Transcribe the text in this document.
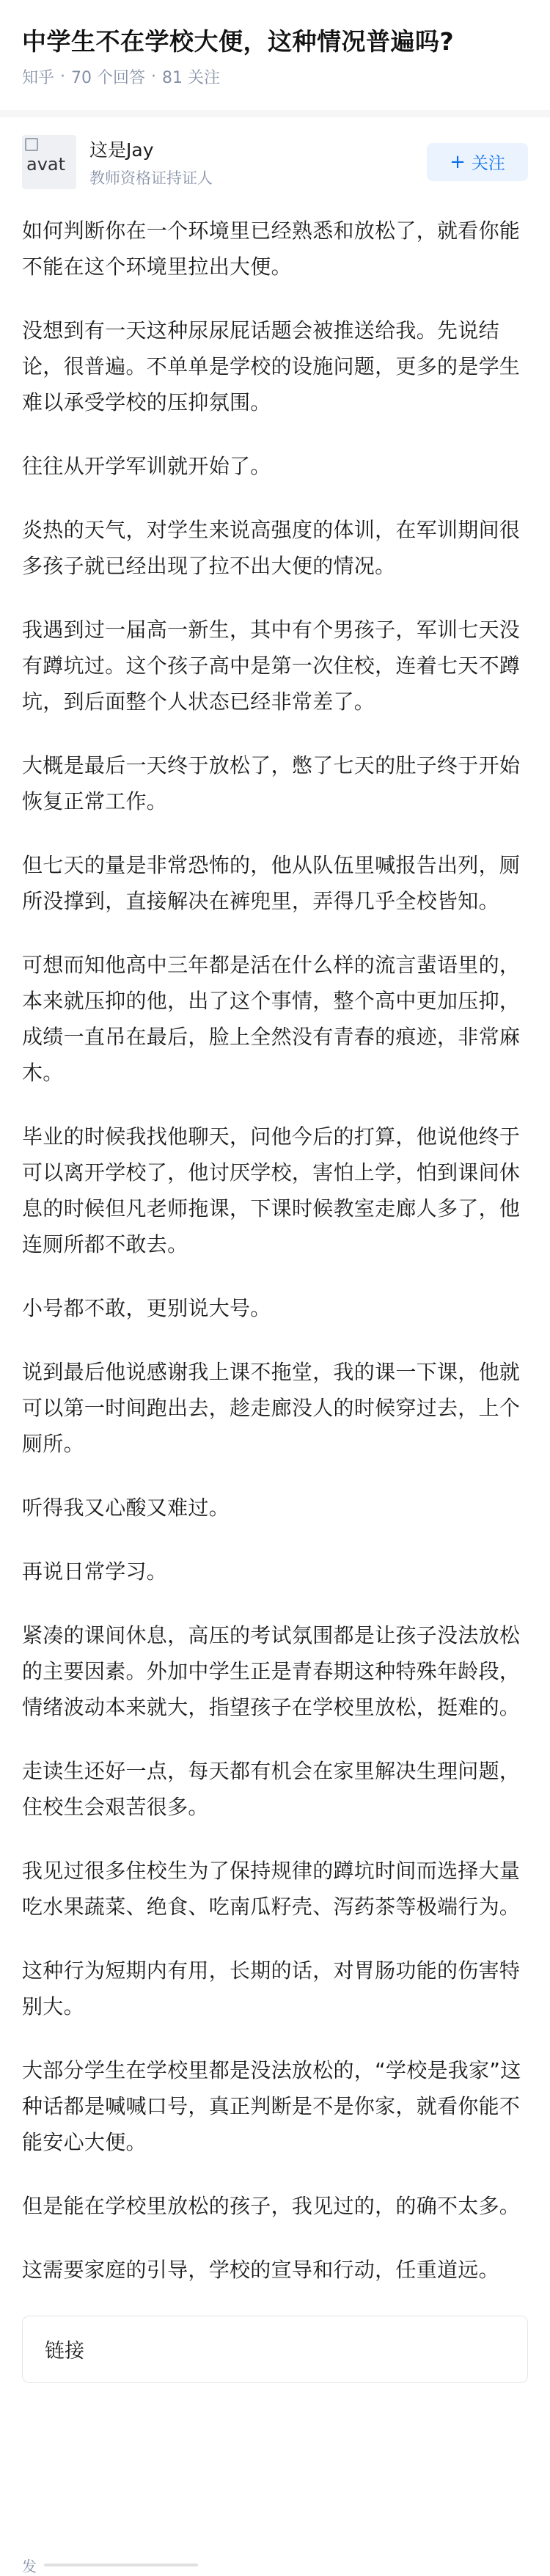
中学生不在学校大便，这种情况普遍吗?
知乎 · 70 个回答 · 81 关注
avat
这是Jay
教师资格证持证人
+ 关注

如何判断你在一个环境里已经熟悉和放松了，就看你能不能在这个环境里拉出大便。

没想到有一天这种尿尿屁话题会被推送给我。先说结论，很普遍。不单单是学校的设施问题，更多的是学生难以承受学校的压抑氛围。

往往从开学军训就开始了。

炎热的天气，对学生来说高强度的体训，在军训期间很多孩子就已经出现了拉不出大便的情况。

我遇到过一届高一新生，其中有个男孩子，军训七天没有蹲坑过。这个孩子高中是第一次住校，连着七天不蹲坑，到后面整个人状态已经非常差了。

大概是最后一天终于放松了，憋了七天的肚子终于开始恢复正常工作。

但七天的量是非常恐怖的，他从队伍里喊报告出列，厕所没撑到，直接解决在裤兜里，弄得几乎全校皆知。

可想而知他高中三年都是活在什么样的流言蜚语里的，本来就压抑的他，出了这个事情，整个高中更加压抑，成绩一直吊在最后，脸上全然没有青春的痕迹，非常麻木。

毕业的时候我找他聊天，问他今后的打算，他说他终于可以离开学校了，他讨厌学校，害怕上学，怕到课间休息的时候但凡老师拖课，下课时候教室走廊人多了，他连厕所都不敢去。

小号都不敢，更别说大号。

说到最后他说感谢我上课不拖堂，我的课一下课，他就可以第一时间跑出去，趁走廊没人的时候穿过去，上个厕所。

听得我又心酸又难过。

再说日常学习。

紧凑的课间休息，高压的考试氛围都是让孩子没法放松的主要因素。外加中学生正是青春期这种特殊年龄段，情绪波动本来就大，指望孩子在学校里放松，挺难的。

走读生还好一点，每天都有机会在家里解决生理问题，住校生会艰苦很多。

我见过很多住校生为了保持规律的蹲坑时间而选择大量吃水果蔬菜、绝食、吃南瓜籽壳、泻药茶等极端行为。

这种行为短期内有用，长期的话，对胃肠功能的伤害特别大。

大部分学生在学校里都是没法放松的，“学校是我家”这种话都是喊喊口号，真正判断是不是你家，就看你能不能安心大便。

但是能在学校里放松的孩子，我见过的，的确不太多。

这需要家庭的引导，学校的宣导和行动，任重道远。

链接
发
